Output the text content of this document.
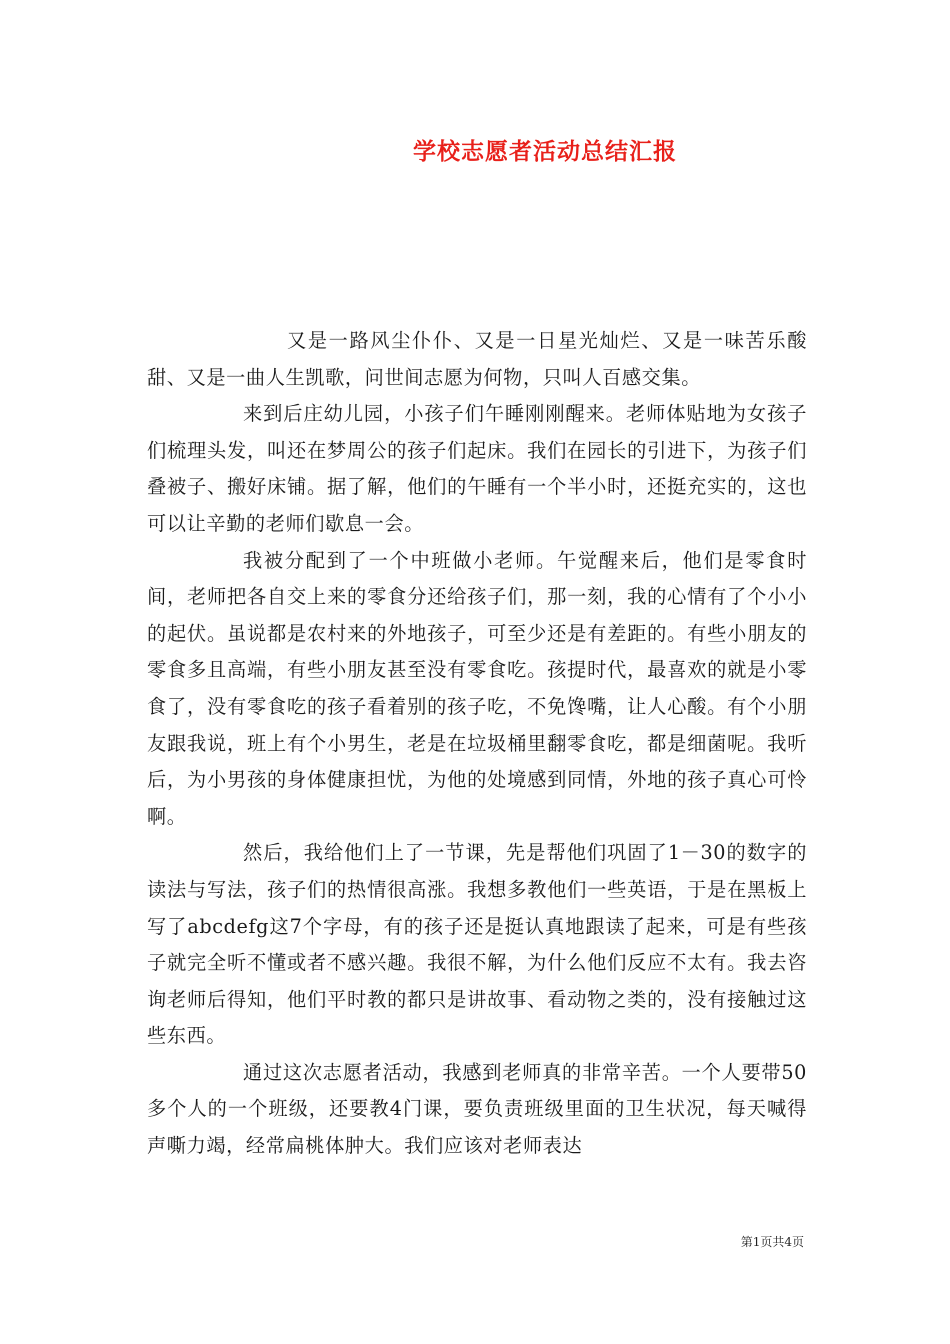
学校志愿者活动总结汇报

又是一路风尘仆仆、又是一日星光灿烂、又是一味苦乐酸甜、又是一曲人生凯歌，问世间志愿为何物，只叫人百感交集。

来到后庄幼儿园，小孩子们午睡刚刚醒来。老师体贴地为女孩子们梳理头发，叫还在梦周公的孩子们起床。我们在园长的引进下，为孩子们叠被子、搬好床铺。据了解，他们的午睡有一个半小时，还挺充实的，这也可以让辛勤的老师们歇息一会。

我被分配到了一个中班做小老师。午觉醒来后，他们是零食时间，老师把各自交上来的零食分还给孩子们，那一刻，我的心情有了个小小的起伏。虽说都是农村来的外地孩子，可至少还是有差距的。有些小朋友的零食多且高端，有些小朋友甚至没有零食吃。孩提时代，最喜欢的就是小零食了，没有零食吃的孩子看着别的孩子吃，不免馋嘴，让人心酸。有个小朋友跟我说，班上有个小男生，老是在垃圾桶里翻零食吃，都是细菌呢。我听后，为小男孩的身体健康担忧，为他的处境感到同情，外地的孩子真心可怜啊。

然后，我给他们上了一节课，先是帮他们巩固了1－30的数字的读法与写法，孩子们的热情很高涨。我想多教他们一些英语，于是在黑板上写了abcdefg这7个字母，有的孩子还是挺认真地跟读了起来，可是有些孩子就完全听不懂或者不感兴趣。我很不解，为什么他们反应不太有。我去咨询老师后得知，他们平时教的都只是讲故事、看动物之类的，没有接触过这些东西。

通过这次志愿者活动，我感到老师真的非常辛苦。一个人要带50多个人的一个班级，还要教4门课，要负责班级里面的卫生状况，每天喊得声嘶力竭，经常扁桃体肿大。我们应该对老师表达

第1页共4页
